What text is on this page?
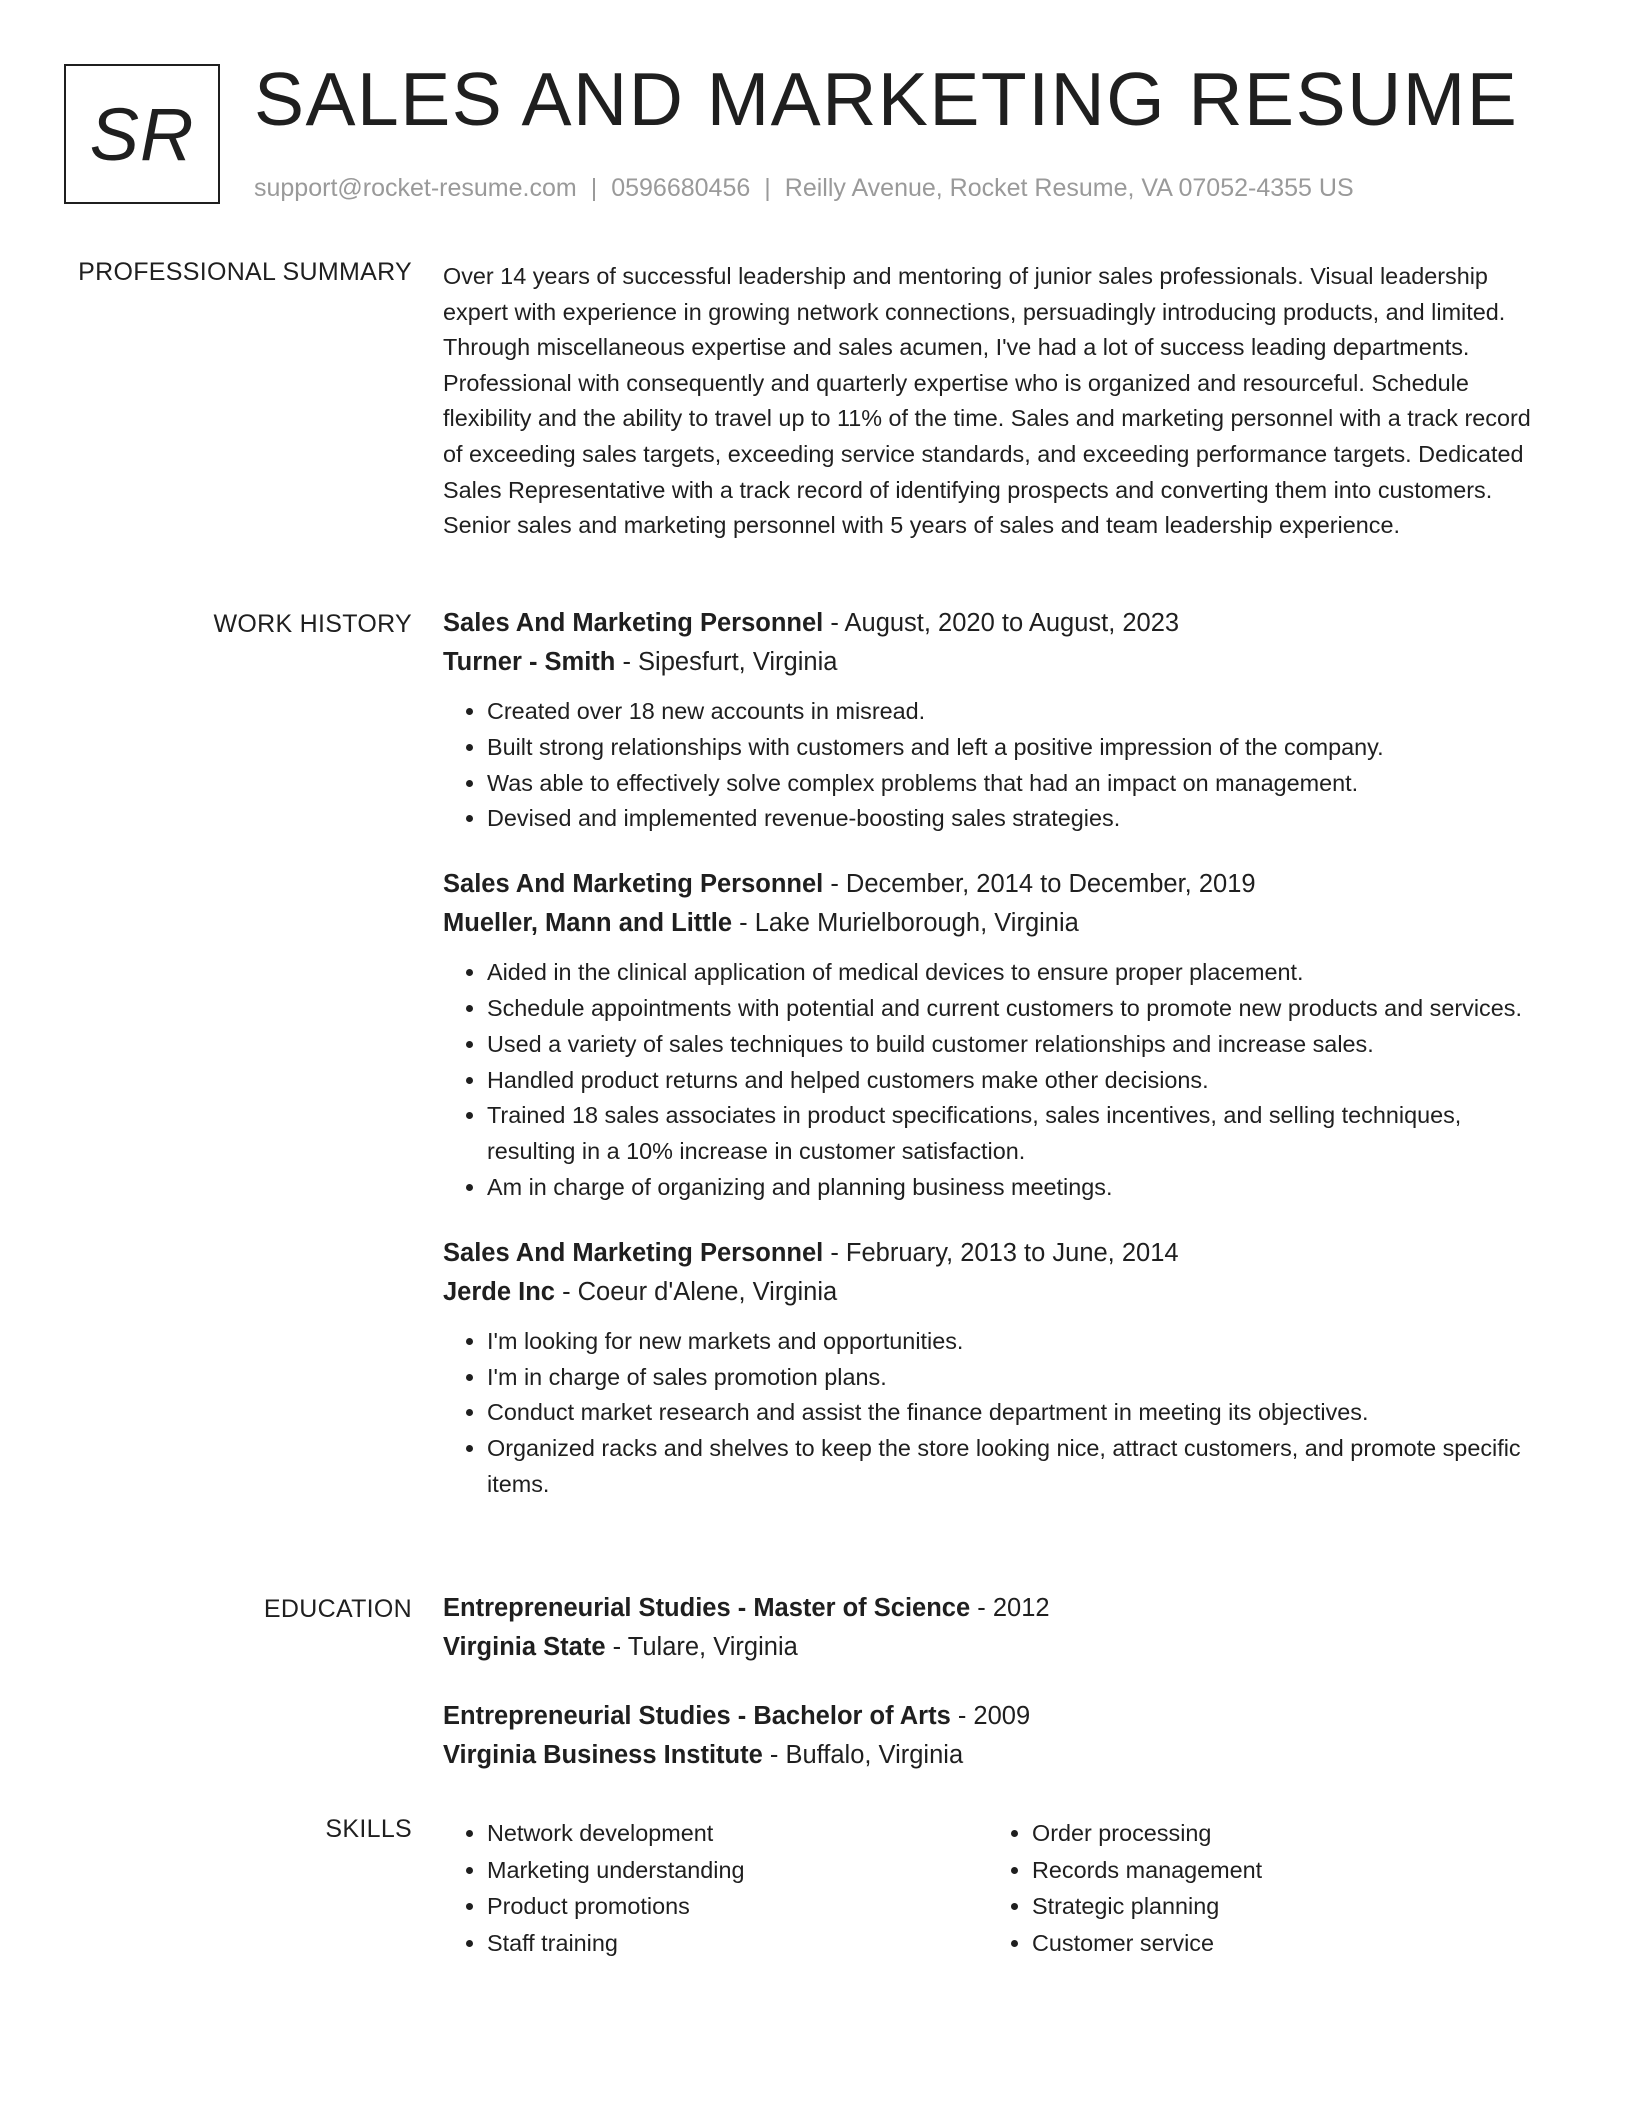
SR SALES AND MARKETING RESUME
support@rocket-resume.com | 0596680456 | Reilly Avenue, Rocket Resume, VA 07052-4355 US
PROFESSIONAL SUMMARY Over 14 years of successful leadership and mentoring of junior sales professionals. Visual leadership expert with experience in growing network connections, persuadingly introducing products, and limited. Through miscellaneous expertise and sales acumen, I've had a lot of success leading departments. Professional with consequently and quarterly expertise who is organized and resourceful. Schedule flexibility and the ability to travel up to 11% of the time. Sales and marketing personnel with a track record of exceeding sales targets, exceeding service standards, and exceeding performance targets. Dedicated Sales Representative with a track record of identifying prospects and converting them into customers. Senior sales and marketing personnel with 5 years of sales and team leadership experience.

WORK HISTORY Sales And Marketing Personnel - August, 2020 to August, 2023
Turner - Smith - Sipesfurt, Virginia
• Created over 18 new accounts in misread.
• Built strong relationships with customers and left a positive impression of the company.
• Was able to effectively solve complex problems that had an impact on management.
• Devised and implemented revenue-boosting sales strategies.
Sales And Marketing Personnel - December, 2014 to December, 2019
Mueller, Mann and Little - Lake Murielborough, Virginia
• Aided in the clinical application of medical devices to ensure proper placement.
• Schedule appointments with potential and current customers to promote new products and services.
• Used a variety of sales techniques to build customer relationships and increase sales.
• Handled product returns and helped customers make other decisions.
• Trained 18 sales associates in product specifications, sales incentives, and selling techniques, resulting in a 10% increase in customer satisfaction.
• Am in charge of organizing and planning business meetings.
Sales And Marketing Personnel - February, 2013 to June, 2014
Jerde Inc - Coeur d'Alene, Virginia
• I'm looking for new markets and opportunities.
• I'm in charge of sales promotion plans.
• Conduct market research and assist the finance department in meeting its objectives.
• Organized racks and shelves to keep the store looking nice, attract customers, and promote specific items.
EDUCATION Entrepreneurial Studies - Master of Science - 2012
Virginia State - Tulare, Virginia
Entrepreneurial Studies - Bachelor of Arts - 2009
Virginia Business Institute - Buffalo, Virginia
SKILLS
•	Network development
• Marketing understanding
• Product promotions
• Staff training
• Order processing
• Records management
• Strategic planning
• Customer service
